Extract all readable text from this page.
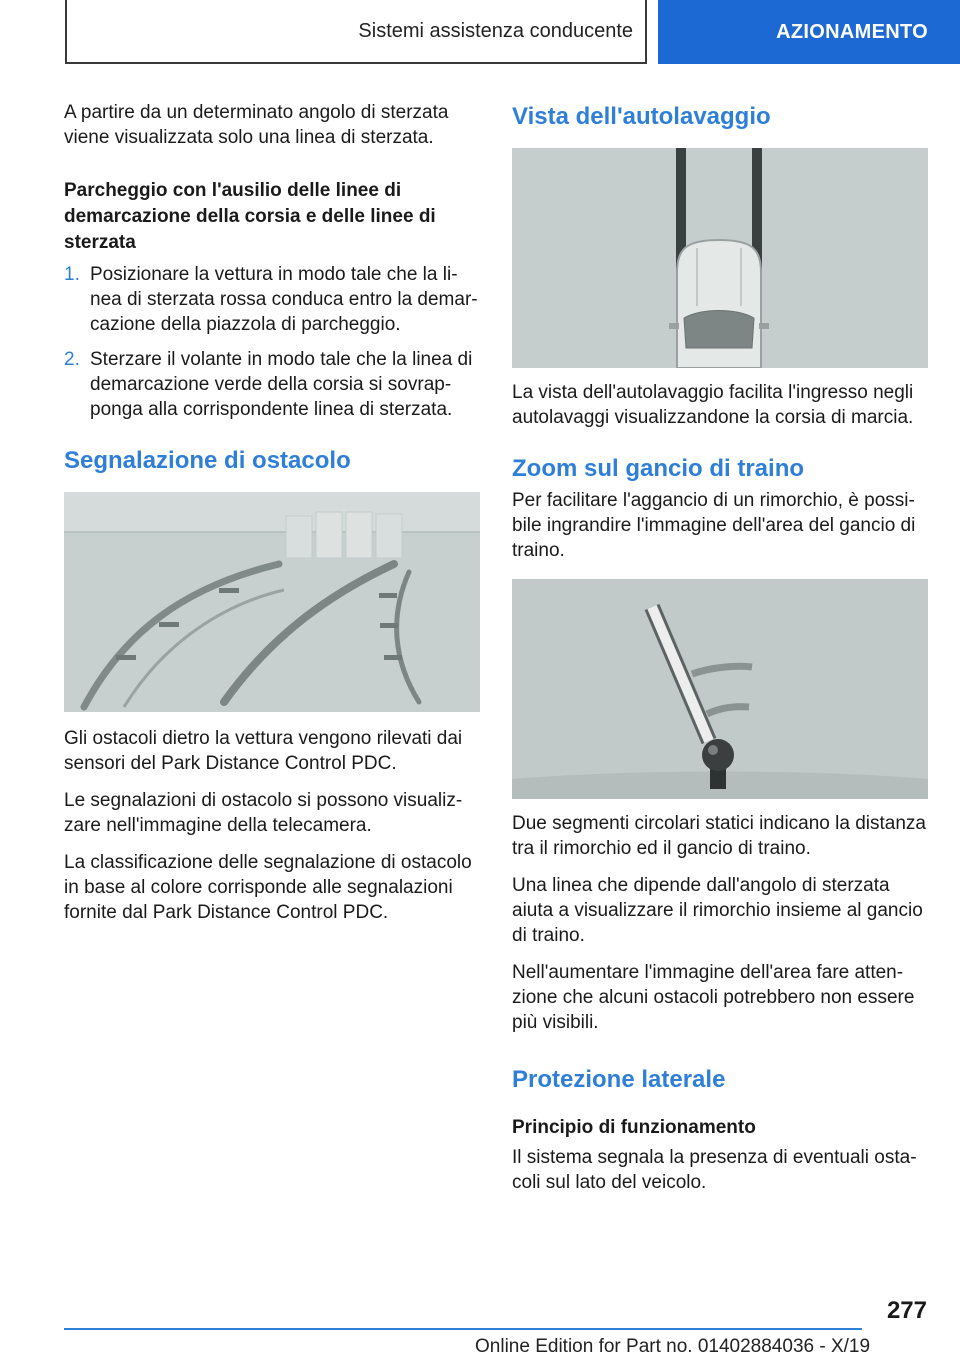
Sistemi assistenza conducente	AZIONAMENTO

A partire da un determinato angolo di sterzata viene visualizzata solo una linea di sterzata.

Parcheggio con l'ausilio delle linee di demarcazione della corsia e delle linee di sterzata
1. Posizionare la vettura in modo tale che la linea di sterzata rossa conduca entro la demarcazione della piazzola di parcheggio.
2. Sterzare il volante in modo tale che la linea di demarcazione verde della corsia si sovrapponga alla corrispondente linea di sterzata.
Segnalazione di ostacolo

Gli ostacoli dietro la vettura vengono rilevati dai sensori del Park Distance Control PDC.

Le segnalazioni di ostacolo si possono visualizzare nell'immagine della telecamera.

La classificazione delle segnalazione di ostacolo in base al colore corrisponde alle segnalazioni fornite dal Park Distance Control PDC.

Vista dell'autolavaggio

La vista dell'autolavaggio facilita l'ingresso negli autolavaggi visualizzandone la corsia di marcia.

Zoom sul gancio di traino

Per facilitare l'aggancio di un rimorchio, è possibile ingrandire l'immagine dell'area del gancio di traino.

Due segmenti circolari statici indicano la distanza tra il rimorchio ed il gancio di traino.

Una linea che dipende dall'angolo di sterzata aiuta a visualizzare il rimorchio insieme al gancio di traino.

Nell'aumentare l'immagine dell'area fare attenzione che alcuni ostacoli potrebbero non essere più visibili.

Protezione laterale
Principio di funzionamento

Il sistema segnala la presenza di eventuali ostacoli sul lato del veicolo.

277
Online Edition for Part no. 01402884036 - X/19
